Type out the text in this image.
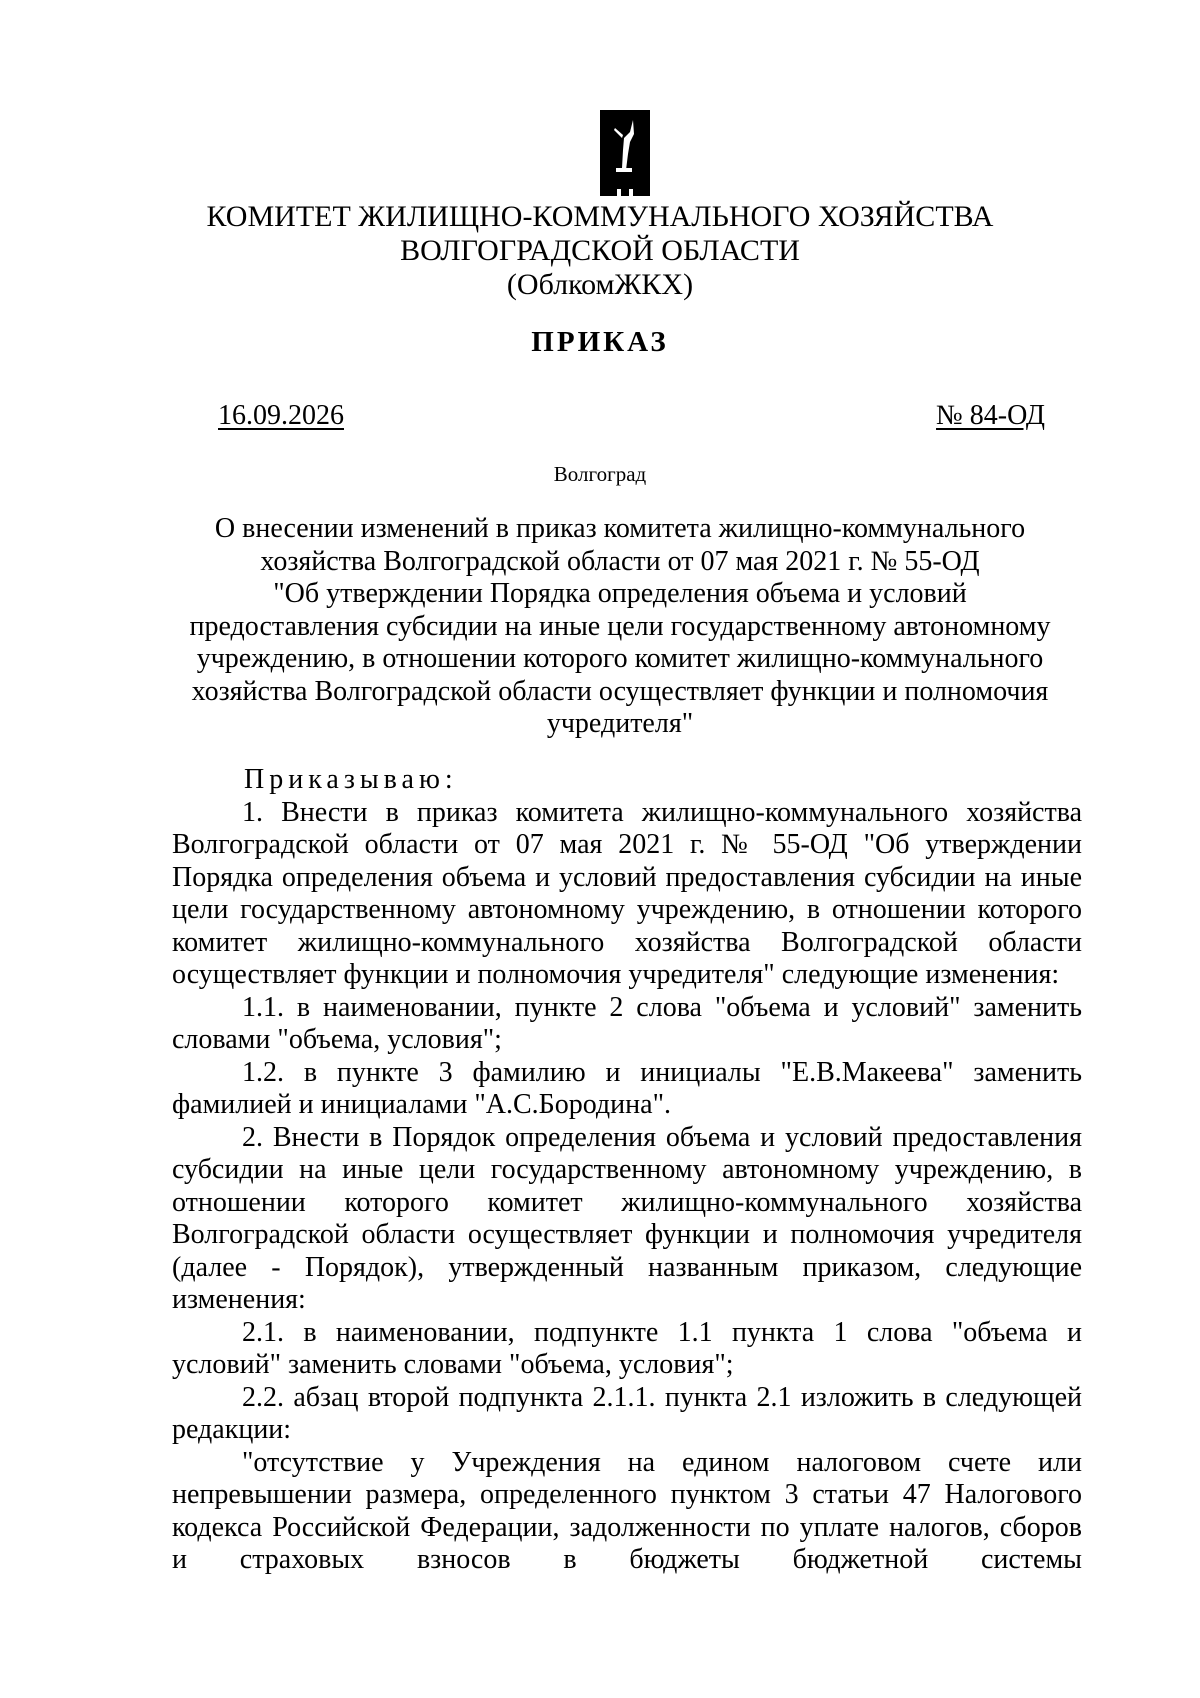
КОМИТЕТ ЖИЛИЩНО-КОММУНАЛЬНОГО ХОЗЯЙСТВА
ВОЛГОГРАДСКОЙ ОБЛАСТИ
(ОблкомЖКХ)
ПРИКАЗ
16.09.2026	№ 84-ОД
Волгоград
О внесении изменений в приказ комитета жилищно-коммунального
хозяйства Волгоградской области от 07 мая 2021 г. № 55-ОД
"Об утверждении Порядка определения объема и условий
предоставления субсидии на иные цели государственному автономному
учреждению, в отношении которого комитет жилищно-коммунального
хозяйства Волгоградской области осуществляет функции и полномочия
учредителя"

Приказываю:

1. Внести в приказ комитета жилищно-коммунального хозяйства Волгоградской области от 07 мая 2021 г. № 55-ОД "Об утверждении Порядка определения объема и условий предоставления субсидии на иные цели государственному автономному учреждению, в отношении которого комитет жилищно-коммунального хозяйства Волгоградской области осуществляет функции и полномочия учредителя" следующие изменения:

1.1. в наименовании, пункте 2 слова "объема и условий" заменить словами "объема, условия";

1.2. в пункте 3 фамилию и инициалы "Е.В.Макеева" заменить фамилией и инициалами "А.С.Бородина".

2. Внести в Порядок определения объема и условий предоставления субсидии на иные цели государственному автономному учреждению, в отношении которого комитет жилищно-коммунального хозяйства Волгоградской области осуществляет функции и полномочия учредителя (далее - Порядок), утвержденный названным приказом, следующие изменения:

2.1. в наименовании, подпункте 1.1 пункта 1 слова "объема и условий" заменить словами "объема, условия";

2.2. абзац второй подпункта 2.1.1. пункта 2.1 изложить в следующей редакции:

"отсутствие у Учреждения на едином налоговом счете или непревышении размера, определенного пунктом 3 статьи 47 Налогового кодекса Российской Федерации, задолженности по уплате налогов, сборов и страховых взносов в бюджеты бюджетной системы
